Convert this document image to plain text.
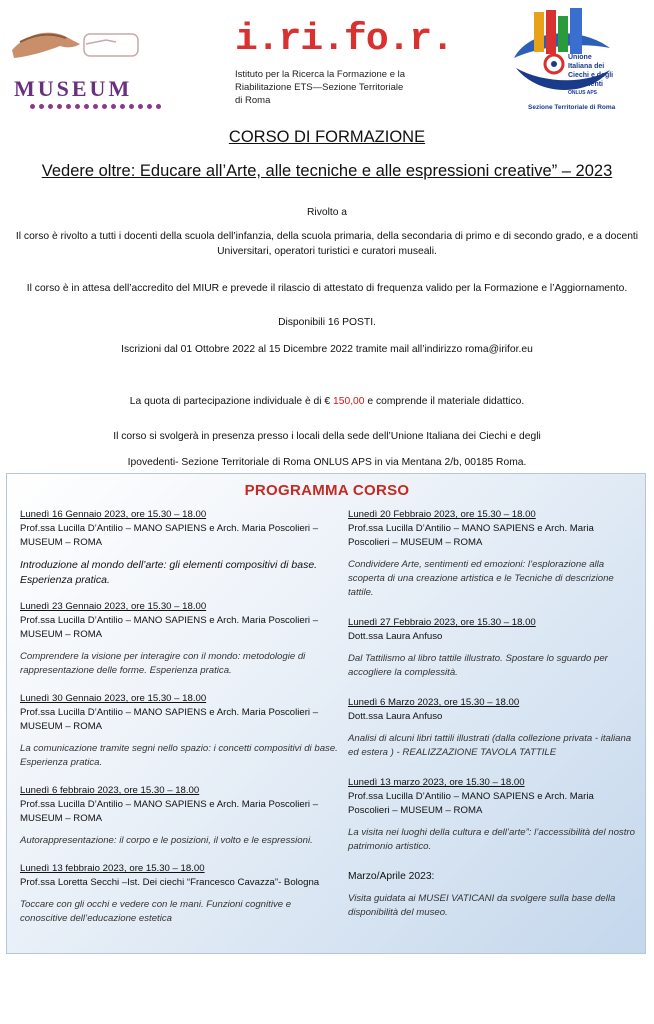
MUSEUM
i.ri.fo.r.
Istituto per la Ricerca la Formazione e la Riabilitazione ETS—Sezione Territoriale di Roma
Unione
Italiana dei
Ciechi e degli
Ipovedenti
ONLUS APS
Sezione Territoriale di Roma
CORSO DI FORMAZIONE
Vedere oltre: Educare all’Arte, alle tecniche e alle espressioni creative” – 2023
Rivolto a
Il corso è rivolto a tutti i docenti della scuola dell’infanzia, della scuola primaria, della secondaria di primo e di secondo grado, e a docenti Universitari, operatori turistici e curatori museali.
Il corso è in attesa dell’accredito del MIUR e prevede il rilascio di attestato di frequenza valido per la Formazione e l’Aggiornamento.
Disponibili 16 POSTI.
Iscrizioni dal 01 Ottobre 2022 al 15 Dicembre 2022 tramite mail all’indirizzo roma@irifor.eu
La quota di partecipazione individuale è di € 150,00 e comprende il materiale didattico.
Il corso si svolgerà in presenza presso i locali della sede dell’Unione Italiana dei Ciechi e degli
Ipovedenti- Sezione Territoriale di Roma ONLUS APS in via Mentana 2/b, 00185 Roma.
PROGRAMMA CORSO
Lunedì 16 Gennaio 2023, ore 15.30 – 18.00
Prof.ssa Lucilla D’Antilio – MANO SAPIENS e Arch. Maria Poscolieri – MUSEUM – ROMA
Introduzione al mondo dell’arte: gli elementi compositivi di base. Esperienza pratica.
Lunedì 23 Gennaio 2023, ore 15.30 – 18.00
Prof.ssa Lucilla D’Antilio – MANO SAPIENS e Arch. Maria Poscolieri – MUSEUM – ROMA
Comprendere la visione per interagire con il mondo: metodologie di rappresentazione delle forme. Esperienza pratica.
Lunedì 30 Gennaio 2023, ore 15.30 – 18.00
Prof.ssa Lucilla D’Antilio – MANO SAPIENS e Arch. Maria Poscolieri – MUSEUM – ROMA
La comunicazione tramite segni nello spazio: i concetti compositivi di base. Esperienza pratica.
Lunedì 6 febbraio 2023, ore 15.30 – 18.00
Prof.ssa Lucilla D’Antilio – MANO SAPIENS e Arch. Maria Poscolieri – MUSEUM – ROMA
Autorappresentazione: il corpo e le posizioni, il volto e le espressioni.
Lunedì 13 febbraio 2023, ore 15.30 – 18.00
Prof.ssa Loretta Secchi –Ist. Dei ciechi “Francesco Cavazza”- Bologna
Toccare con gli occhi e vedere con le mani. Funzioni cognitive e conoscitive dell’educazione estetica
Lunedì 20 Febbraio 2023, ore 15.30 – 18.00
Prof.ssa Lucilla D’Antilio – MANO SAPIENS e Arch. Maria Poscolieri – MUSEUM – ROMA
Condividere Arte, sentimenti ed emozioni: l’esplorazione alla scoperta di una creazione artistica e le Tecniche di descrizione tattile.
Lunedì 27 Febbraio 2023, ore 15.30 – 18.00
Dott.ssa Laura Anfuso
Dal Tattilismo al libro tattile illustrato. Spostare lo sguardo per accogliere la complessità.
Lunedì 6 Marzo 2023, ore 15.30 – 18.00
Dott.ssa Laura Anfuso
Analisi di alcuni libri tattili illustrati (dalla collezione privata - italiana ed estera ) - REALIZZAZIONE TAVOLA TATTILE
Lunedì 13 marzo 2023, ore 15.30 – 18.00
Prof.ssa Lucilla D’Antilio – MANO SAPIENS e Arch. Maria Poscolieri – MUSEUM – ROMA
La visita nei luoghi della cultura e dell’arte”: l’accessibilità del nostro patrimonio artistico.
Marzo/Aprile 2023:
Visita guidata ai MUSEI VATICANI da svolgere sulla base della disponibilità del museo.
